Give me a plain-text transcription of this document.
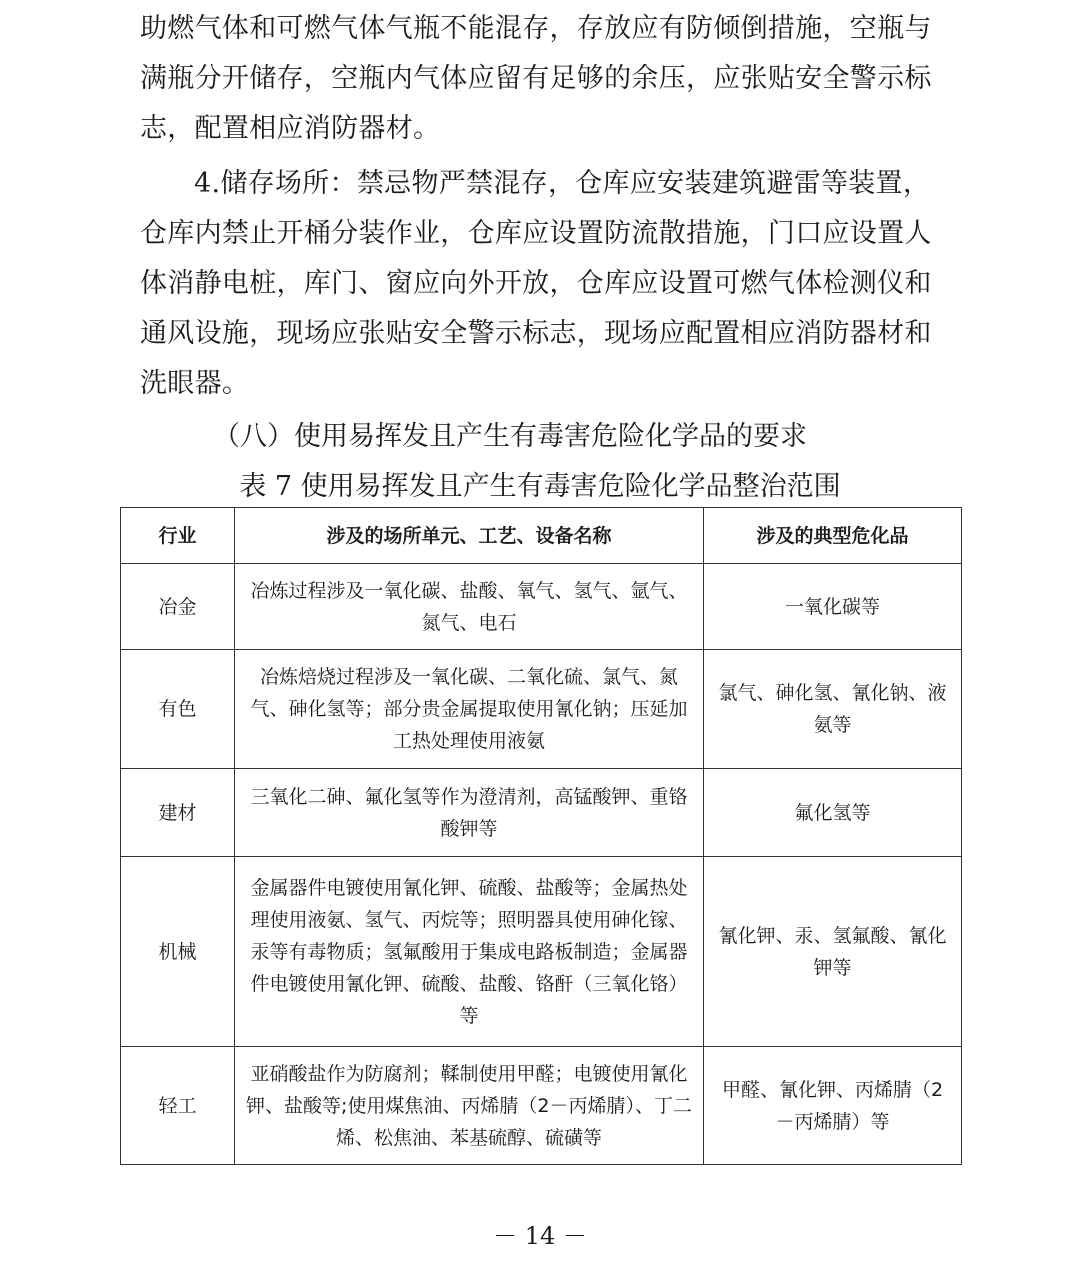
助燃气体和可燃气体气瓶不能混存，存放应有防倾倒措施，空瓶与满瓶分开储存，空瓶内气体应留有足够的余压，应张贴安全警示标志，配置相应消防器材。

4.储存场所：禁忌物严禁混存，仓库应安装建筑避雷等装置，仓库内禁止开桶分装作业，仓库应设置防流散措施，门口应设置人体消静电桩，库门、窗应向外开放，仓库应设置可燃气体检测仪和通风设施，现场应张贴安全警示标志，现场应配置相应消防器材和洗眼器。

（八）使用易挥发且产生有毒害危险化学品的要求

表 7 使用易挥发且产生有毒害危险化学品整治范围

行业	涉及的场所单元、工艺、设备名称	涉及的典型危化品
冶金	冶炼过程涉及一氧化碳、盐酸、氧气、氢气、氩气、氮气、电石	一氧化碳等
有色	冶炼焙烧过程涉及一氧化碳、二氧化硫、氯气、氮气、砷化氢等；部分贵金属提取使用氰化钠；压延加工热处理使用液氨	氯气、砷化氢、氰化钠、液氨等
建材	三氧化二砷、氟化氢等作为澄清剂，高锰酸钾、重铬酸钾等	氟化氢等
机械	金属器件电镀使用氰化钾、硫酸、盐酸等；金属热处理使用液氨、氢气、丙烷等；照明器具使用砷化镓、汞等有毒物质；氢氟酸用于集成电路板制造；金属器件电镀使用氰化钾、硫酸、盐酸、铬酐（三氧化铬）等	氰化钾、汞、氢氟酸、氰化钾等
轻工	亚硝酸盐作为防腐剂；鞣制使用甲醛；电镀使用氰化钾、盐酸等;使用煤焦油、丙烯腈（2－丙烯腈）、丁二烯、松焦油、苯基硫醇、硫磺等	甲醛、氰化钾、丙烯腈（2－丙烯腈）等

－ 14 －
